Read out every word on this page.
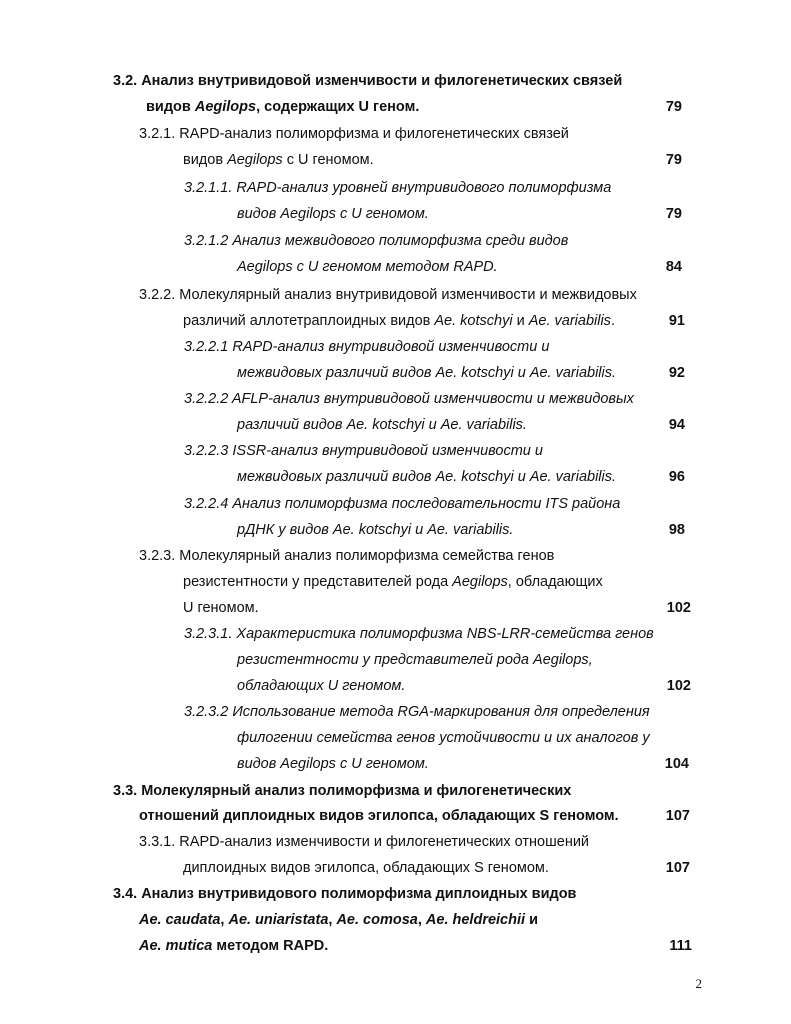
3.2. Анализ внутривидовой изменчивости и филогенетических связей
видов Aegilops, содержащих U геном.	79
3.2.1. RAPD-анализ полиморфизма и филогенетических связей
видов Aegilops с U геномом.	79
3.2.1.1. RAPD-анализ уровней внутривидового полиморфизма
видов Aegilops с U геномом.	79
3.2.1.2 Анализ межвидового полиморфизма среди видов
Aegilops с U геномом методом RAPD.	84
3.2.2. Молекулярный анализ внутривидовой изменчивости и межвидовых
различий аллотетраплоидных видов Ae. kotschyi и Ae. variabilis.	91
3.2.2.1 RAPD-анализ внутривидовой изменчивости и
межвидовых различий видов Ae. kotschyi и Ae. variabilis.	92
3.2.2.2 AFLP-анализ внутривидовой изменчивости и межвидовых
различий видов Ae. kotschyi и Ae. variabilis.	94
3.2.2.3 ISSR-анализ внутривидовой изменчивости и
межвидовых различий видов Ae. kotschyi и Ae. variabilis.	96
3.2.2.4 Анализ полиморфизма последовательности ITS района
рДНК у видов Ae. kotschyi и Ae. variabilis.	98
3.2.3. Молекулярный анализ полиморфизма семейства генов
резистентности у представителей рода Aegilops, обладающих
U геномом.	102
3.2.3.1. Характеристика полиморфизма NBS-LRR-семейства генов
резистентности у представителей рода Aegilops,
обладающих U геномом.	102
3.2.3.2 Использование метода RGA-маркирования для определения
филогении семейства генов устойчивости и их аналогов у
видов Aegilops с U геномом.	104
3.3. Молекулярный анализ полиморфизма и филогенетических
отношений диплоидных видов эгилопса, обладающих S геномом.	107
3.3.1. RAPD-анализ изменчивости и филогенетических отношений
диплоидных видов эгилопса, обладающих S геномом.	107
3.4. Анализ внутривидового полиморфизма диплоидных видов
Ae. caudata, Ae. uniaristata, Ae. comosa, Ae. heldreichii и
Ae. mutica методом RAPD.	111
2
